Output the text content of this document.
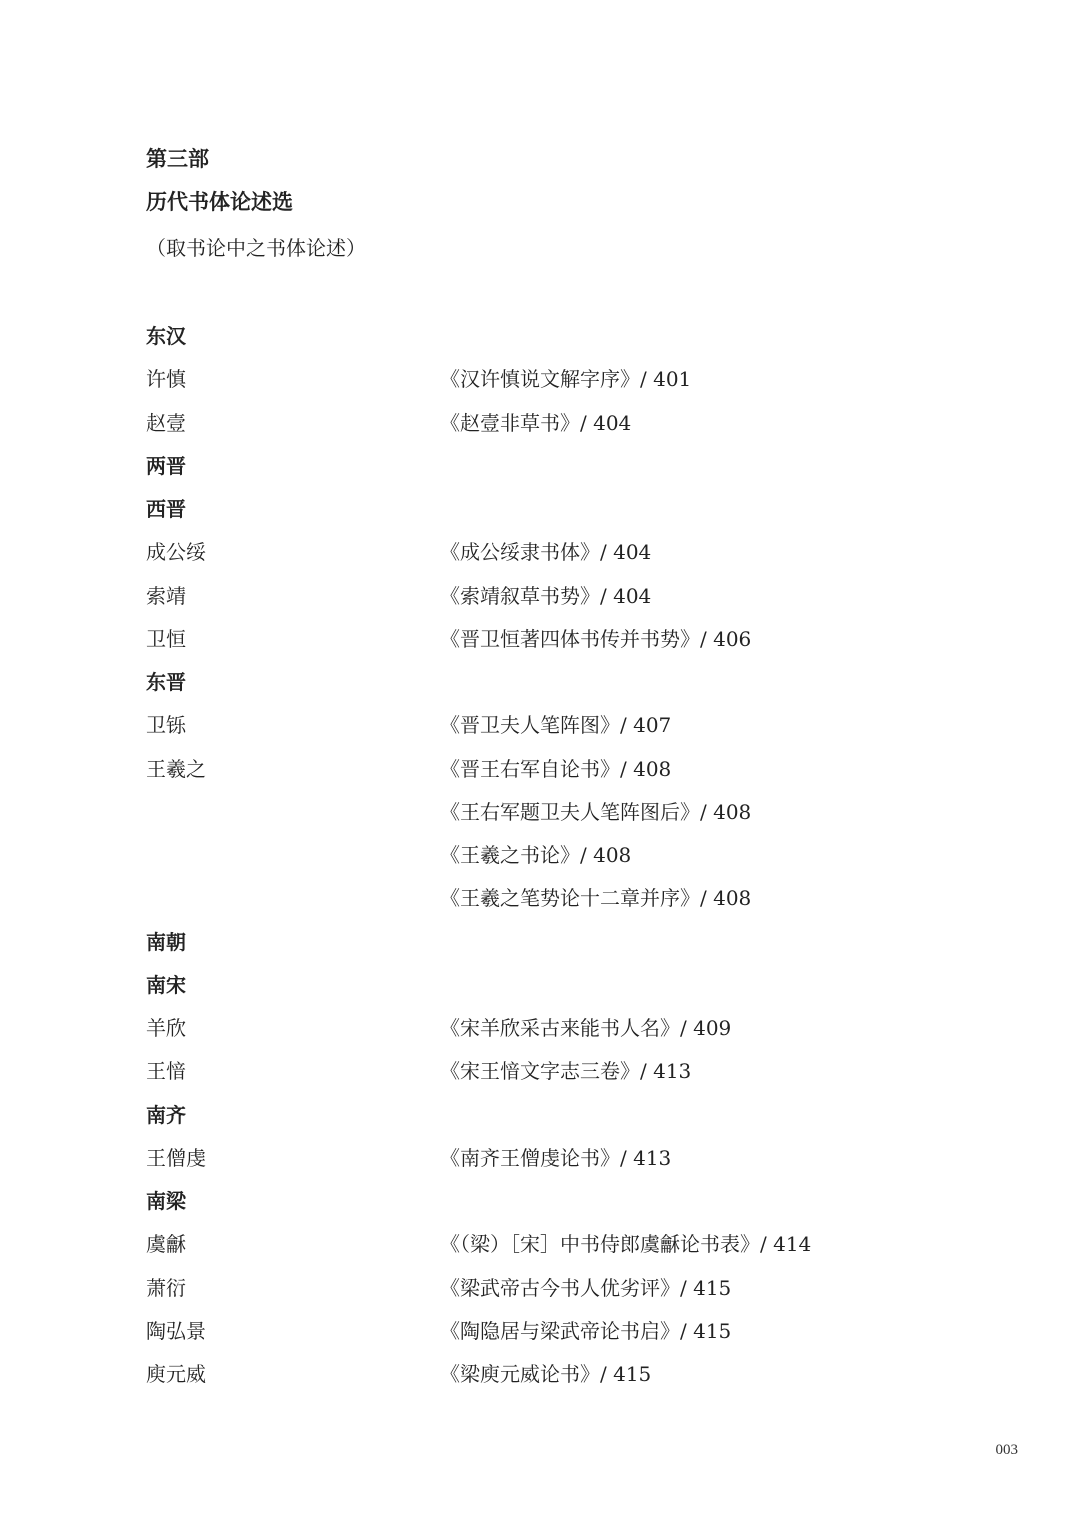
第三部
历代书体论述选
（取书论中之书体论述）
东汉
许慎	《汉许慎说文解字序》/ 401
赵壹	《赵壹非草书》/ 404
两晋
西晋
成公绥	《成公绥隶书体》/ 404
索靖	《索靖叙草书势》/ 404
卫恒	《晋卫恒著四体书传并书势》/ 406
东晋
卫铄	《晋卫夫人笔阵图》/ 407
王羲之	《晋王右军自论书》/ 408
《王右军题卫夫人笔阵图后》/ 408
《王羲之书论》/ 408
《王羲之笔势论十二章并序》/ 408
南朝
南宋
羊欣	《宋羊欣采古来能书人名》/ 409
王愔	《宋王愔文字志三卷》/ 413
南齐
王僧虔	《南齐王僧虔论书》/ 413
南梁
虞龢	《（梁）［宋］中书侍郎虞龢论书表》/ 414
萧衍	《梁武帝古今书人优劣评》/ 415
陶弘景	《陶隐居与梁武帝论书启》/ 415
庾元威	《梁庾元威论书》/ 415
003
